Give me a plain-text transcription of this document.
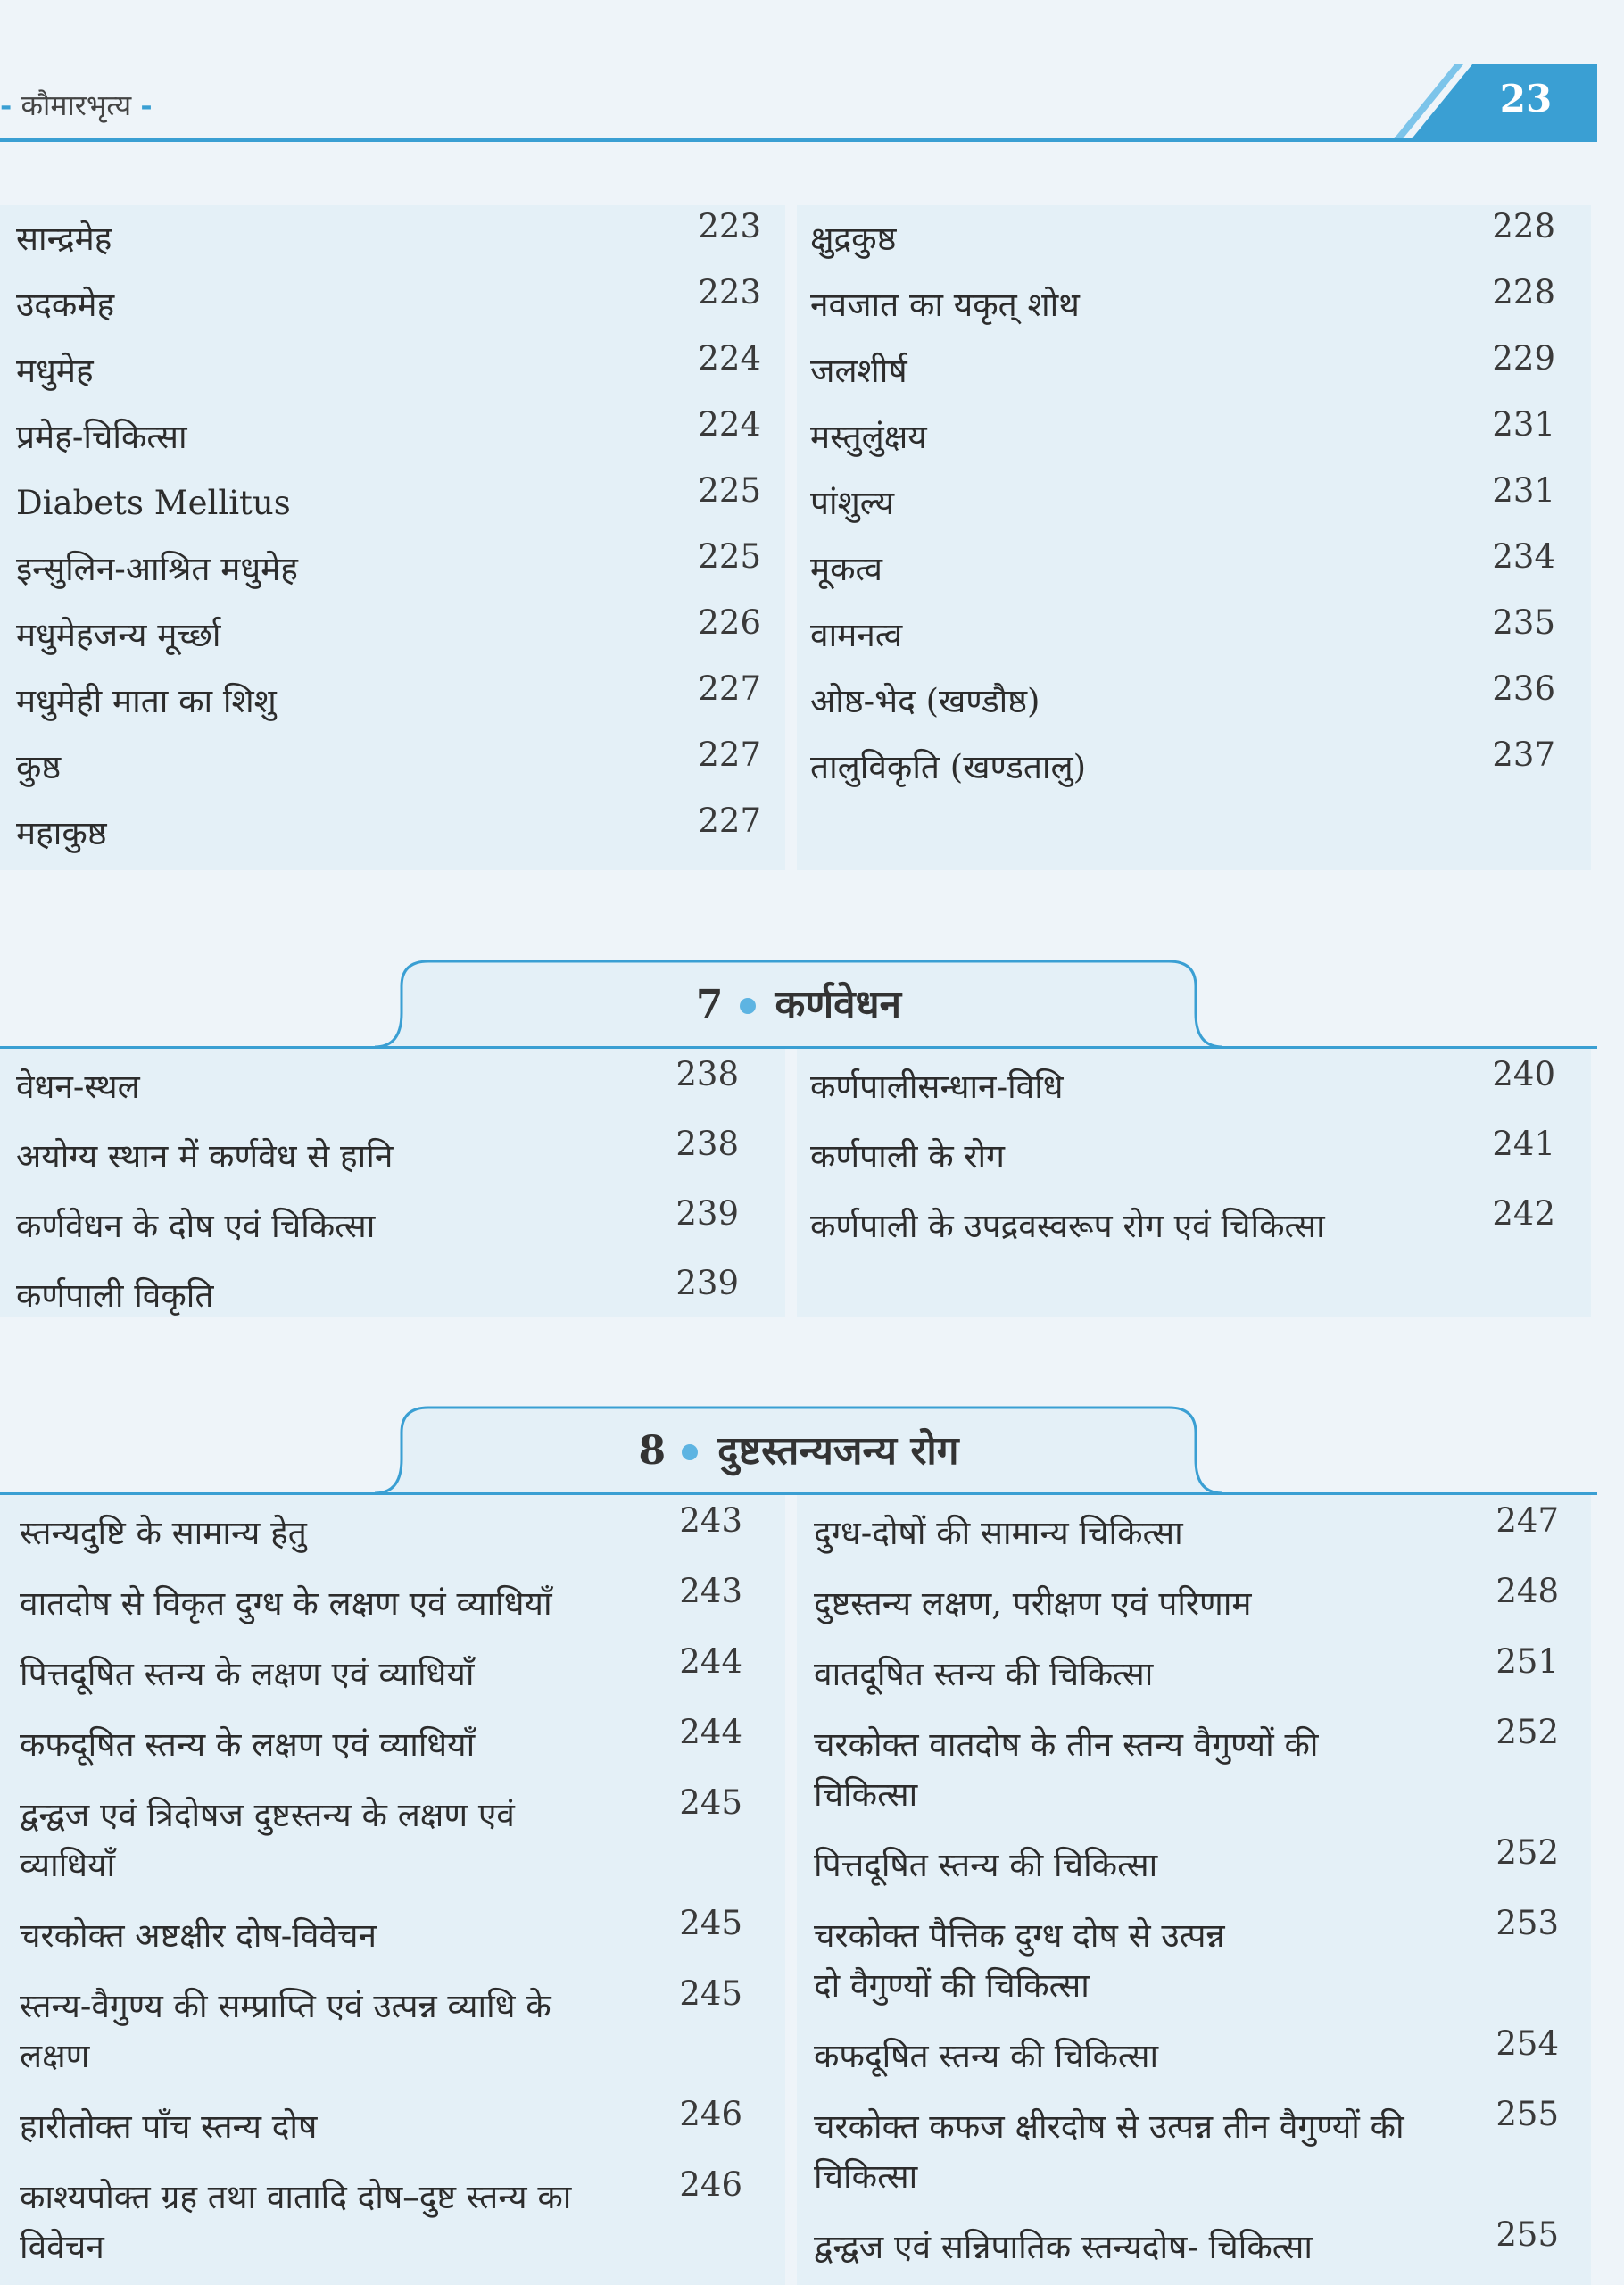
- कौमारभृत्य -	23
सान्द्रमेह	223
उदकमेह	223
मधुमेह	224
प्रमेह-चिकित्सा	224
Diabets Mellitus	225
इन्सुलिन-आश्रित मधुमेह	225
मधुमेहजन्य मूर्च्छा	226
मधुमेही माता का शिशु	227
कुष्ठ	227
महाकुष्ठ	227
क्षुद्रकुष्ठ	228
नवजात का यकृत् शोथ	228
जलशीर्ष	229
मस्तुलुंक्षय	231
पांशुल्य	231
मूकत्व	234
वामनत्व	235
ओष्ठ-भेद (खण्डौष्ठ)	236
तालुविकृति (खण्डतालु)	237
7 कर्णवेधन
वेधन-स्थल	238
अयोग्य स्थान में कर्णवेध से हानि	238
कर्णवेधन के दोष एवं चिकित्सा	239
कर्णपाली विकृति	239
कर्णपालीसन्धान-विधि	240
कर्णपाली के रोग	241
कर्णपाली के उपद्रवस्वरूप रोग एवं चिकित्सा	242
8 दुष्टस्तन्यजन्य रोग
स्तन्यदुष्टि के सामान्य हेतु	243
वातदोष से विकृत दुग्ध के लक्षण एवं व्याधियाँ	243
पित्तदूषित स्तन्य के लक्षण एवं व्याधियाँ	244
कफदूषित स्तन्य के लक्षण एवं व्याधियाँ	244
द्वन्द्वज एवं त्रिदोषज दुष्टस्तन्य के लक्षण एवं
व्याधियाँ
245
चरकोक्त अष्टक्षीर दोष-विवेचन	245
स्तन्य-वैगुण्य की सम्प्राप्ति एवं उत्पन्न व्याधि के
लक्षण
245
हारीतोक्त पाँच स्तन्य दोष	246
काश्यपोक्त ग्रह तथा वातादि दोष–दुष्ट स्तन्य का
विवेचन
246
दुग्ध-दोषों की सामान्य चिकित्सा	247
दुष्टस्तन्य लक्षण, परीक्षण एवं परिणाम	248
वातदूषित स्तन्य की चिकित्सा	251
चरकोक्त वातदोष के तीन स्तन्य वैगुण्यों की
चिकित्सा
252
पित्तदूषित स्तन्य की चिकित्सा	252
चरकोक्त पैत्तिक दुग्ध दोष से उत्पन्न
दो वैगुण्यों की चिकित्सा
253
कफदूषित स्तन्य की चिकित्सा	254
चरकोक्त कफज क्षीरदोष से उत्पन्न तीन वैगुण्यों की
चिकित्सा
255
द्वन्द्वज एवं सन्निपातिक स्तन्यदोष- चिकित्सा	255
